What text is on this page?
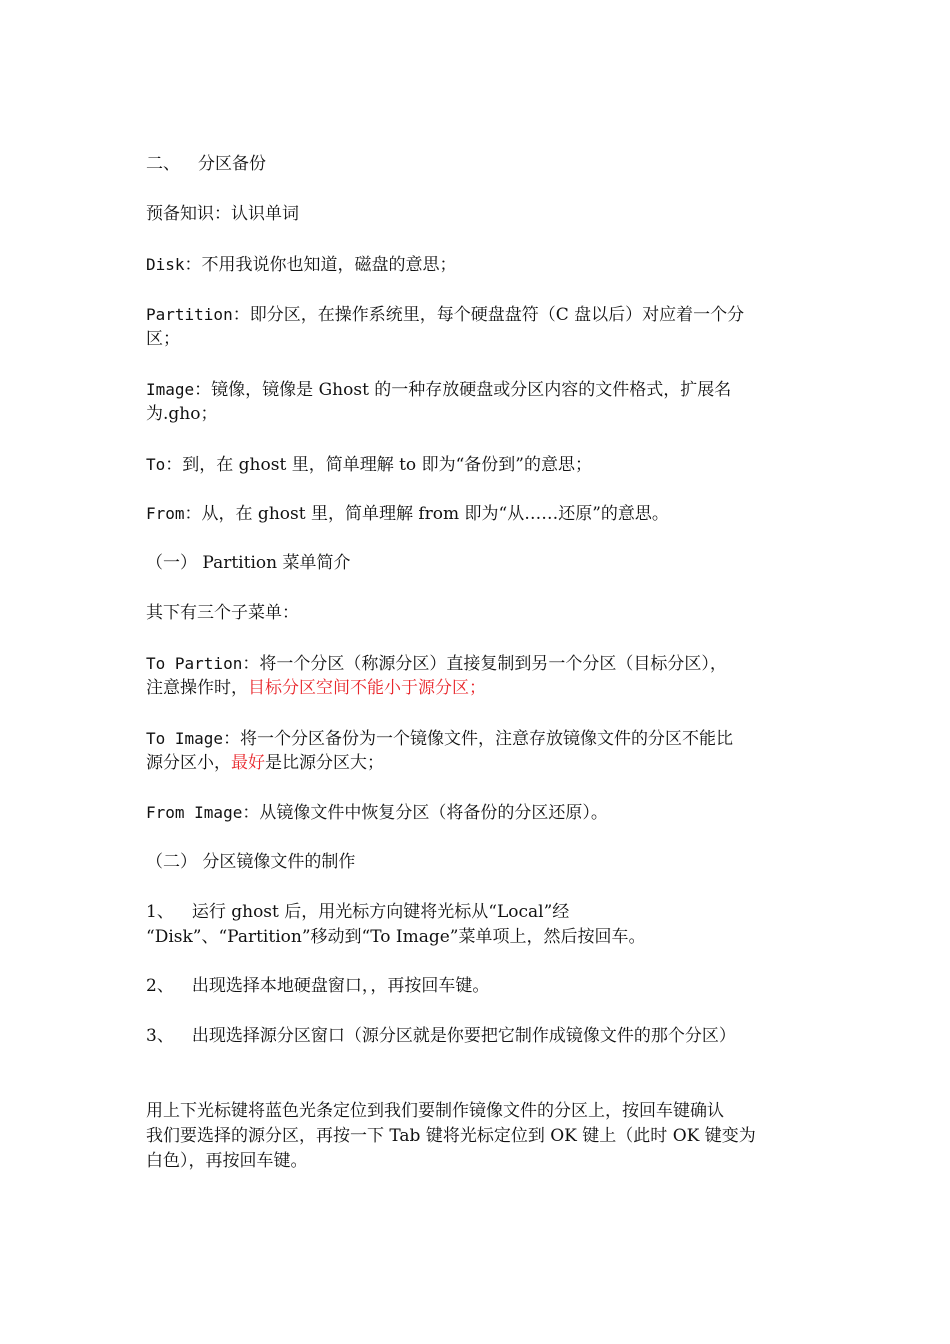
二、 分区备份
预备知识：认识单词
Disk：不用我说你也知道，磁盘的意思；
Partition：即分区，在操作系统里，每个硬盘盘符（C 盘以后）对应着一个分
区；
Image：镜像，镜像是 Ghost 的一种存放硬盘或分区内容的文件格式，扩展名
为.gho；
To：到，在 ghost 里，简单理解 to 即为“备份到”的意思；
From：从，在 ghost 里，简单理解 from 即为“从……还原”的意思。
（一） Partition 菜单简介
其下有三个子菜单：
To Partion：将一个分区（称源分区）直接复制到另一个分区（目标分区），
注意操作时，目标分区空间不能小于源分区；
To Image：将一个分区备份为一个镜像文件，注意存放镜像文件的分区不能比
源分区小，最好是比源分区大；
From Image：从镜像文件中恢复分区（将备份的分区还原）。
（二） 分区镜像文件的制作
1、 运行 ghost 后，用光标方向键将光标从“Local”经
“Disk”、“Partition”移动到“To Image”菜单项上，然后按回车。
2、 出现选择本地硬盘窗口，，再按回车键。
3、 出现选择源分区窗口（源分区就是你要把它制作成镜像文件的那个分区）
用上下光标键将蓝色光条定位到我们要制作镜像文件的分区上，按回车键确认
我们要选择的源分区，再按一下 Tab 键将光标定位到 OK 键上（此时 OK 键变为
白色），再按回车键。
